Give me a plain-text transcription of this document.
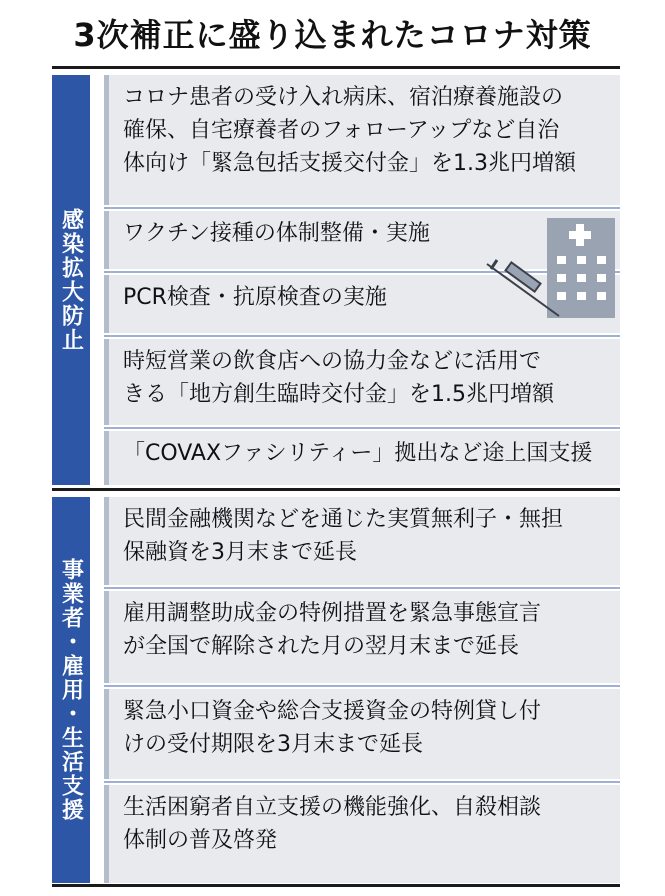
3次補正に盛り込まれたコロナ対策
感染拡大防止
コロナ患者の受け入れ病床、宿泊療養施設の
確保、自宅療養者のフォローアップなど自治
体向け「緊急包括支援交付金」を1.3兆円増額
ワクチン接種の体制整備・実施
PCR検査・抗原検査の実施
時短営業の飲食店への協力金などに活用で
きる「地方創生臨時交付金」を1.5兆円増額
「COVAXファシリティー」拠出など途上国支援
事業者・雇用・生活支援
民間金融機関などを通じた実質無利子・無担
保融資を3月末まで延長
雇用調整助成金の特例措置を緊急事態宣言
が全国で解除された月の翌月末まで延長
緊急小口資金や総合支援資金の特例貸し付
けの受付期限を3月末まで延長
生活困窮者自立支援の機能強化、自殺相談
体制の普及啓発
